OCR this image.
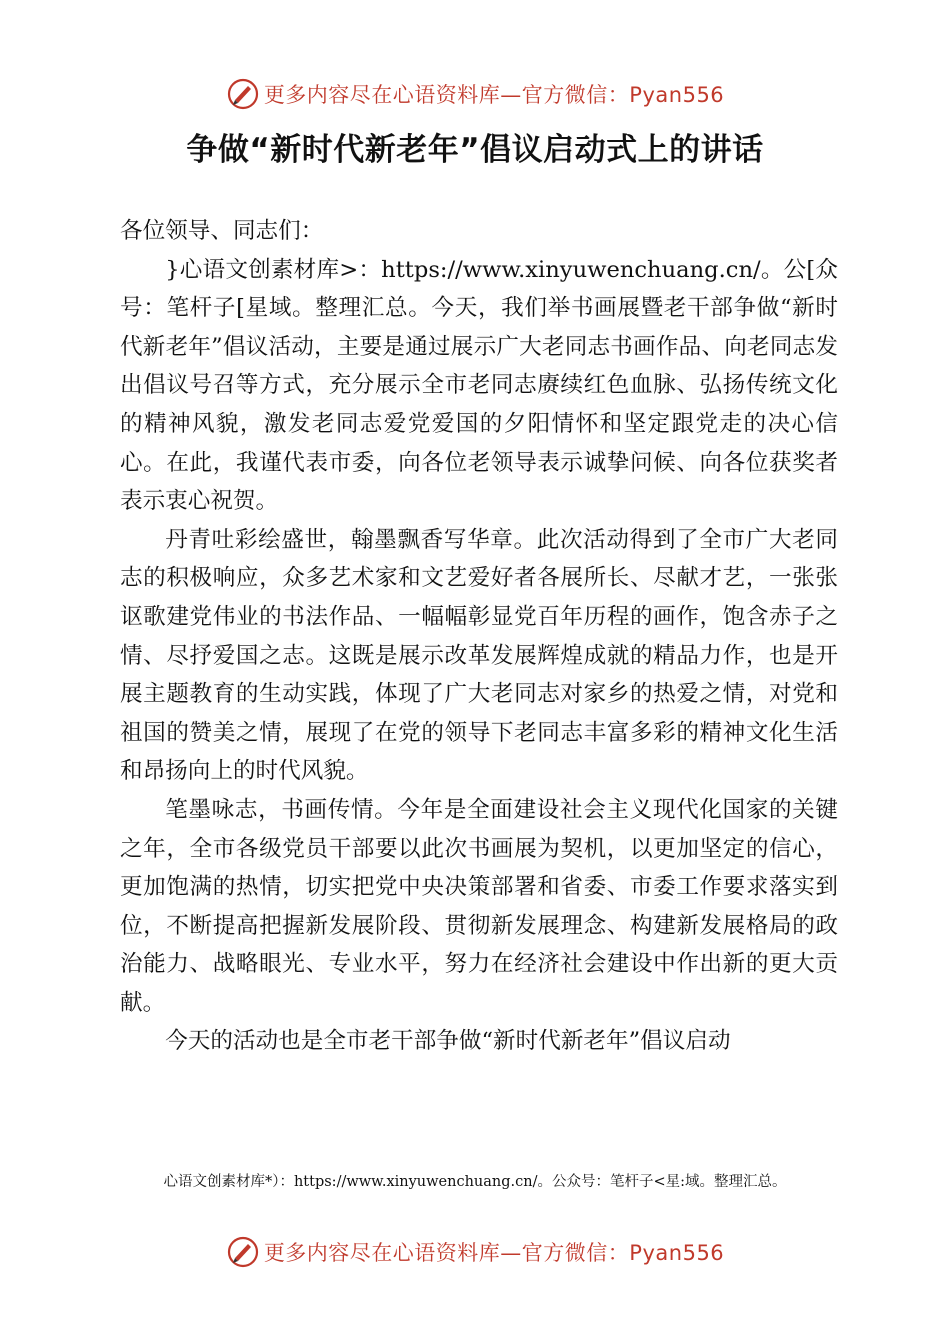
更多内容尽在心语资料库—官方微信：Pyan556
争做“新时代新老年”倡议启动式上的讲话

各位领导、同志们：

}心语文创素材库>：https://www.xinyuwenchuang.cn/。公[众号：笔杆子[星域。整理汇总。今天，我们举书画展暨老干部争做“新时代新老年”倡议活动，主要是通过展示广大老同志书画作品、向老同志发出倡议号召等方式，充分展示全市老同志赓续红色血脉、弘扬传统文化的精神风貌，激发老同志爱党爱国的夕阳情怀和坚定跟党走的决心信心。在此，我谨代表市委，向各位老领导表示诚挚问候、向各位获奖者表示衷心祝贺。

丹青吐彩绘盛世，翰墨飘香写华章。此次活动得到了全市广大老同志的积极响应，众多艺术家和文艺爱好者各展所长、尽献才艺，一张张讴歌建党伟业的书法作品、一幅幅彰显党百年历程的画作，饱含赤子之情、尽抒爱国之志。这既是展示改革发展辉煌成就的精品力作，也是开展主题教育的生动实践，体现了广大老同志对家乡的热爱之情，对党和祖国的赞美之情，展现了在党的领导下老同志丰富多彩的精神文化生活和昂扬向上的时代风貌。

笔墨咏志，书画传情。今年是全面建设社会主义现代化国家的关键之年，全市各级党员干部要以此次书画展为契机，以更加坚定的信心，更加饱满的热情，切实把党中央决策部署和省委、市委工作要求落实到位，不断提高把握新发展阶段、贯彻新发展理念、构建新发展格局的政治能力、战略眼光、专业水平，努力在经济社会建设中作出新的更大贡献。

今天的活动也是全市老干部争做“新时代新老年”倡议启动

心语文创素材库*）：https://www.xinyuwenchuang.cn/。公众号：笔杆子<星:域。整理汇总。
更多内容尽在心语资料库—官方微信：Pyan556
